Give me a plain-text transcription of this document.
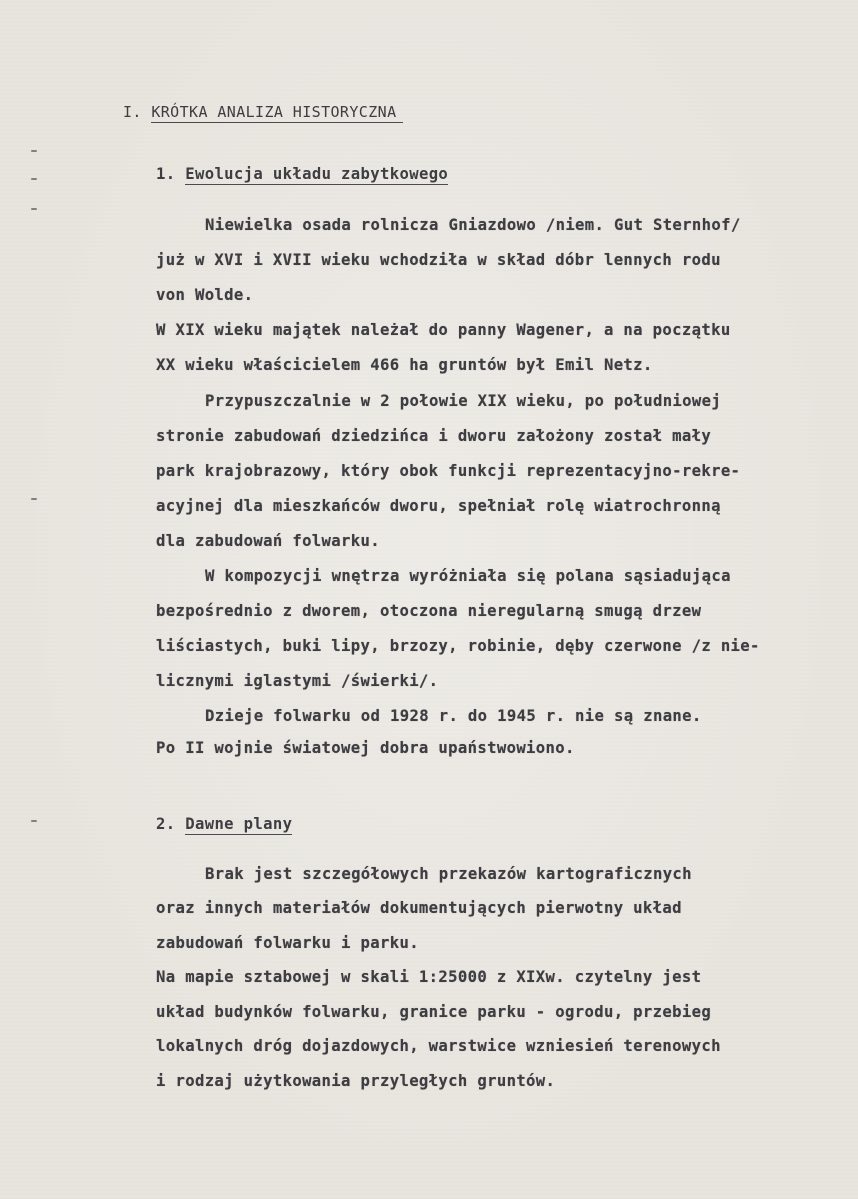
I. KRÓTKA ANALIZA HISTORYCZNA
1. Ewolucja układu zabytkowego
Niewielka osada rolnicza Gniazdowo /niem. Gut Sternhof/
już w XVI i XVII wieku wchodziła w skład dóbr lennych rodu
von Wolde.
W XIX wieku majątek należał do panny Wagener, a na początku
XX wieku właścicielem 466 ha gruntów był Emil Netz.
Przypuszczalnie w 2 połowie XIX wieku, po południowej
stronie zabudowań dziedzińca i dworu założony został mały
park krajobrazowy, który obok funkcji reprezentacyjno-rekre-
acyjnej dla mieszkańców dworu, spełniał rolę wiatrochronną
dla zabudowań folwarku.
W kompozycji wnętrza wyróżniała się polana sąsiadująca
bezpośrednio z dworem, otoczona nieregularną smugą drzew
liściastych, buki lipy, brzozy, robinie, dęby czerwone /z nie-
licznymi iglastymi /świerki/.
Dzieje folwarku od 1928 r. do 1945 r. nie są znane.
Po II wojnie światowej dobra upaństwowiono.
2. Dawne plany
Brak jest szczegółowych przekazów kartograficznych
oraz innych materiałów dokumentujących pierwotny układ
zabudowań folwarku i parku.
Na mapie sztabowej w skali 1:25000 z XIXw. czytelny jest
układ budynków folwarku, granice parku - ogrodu, przebieg
lokalnych dróg dojazdowych, warstwice wzniesień terenowych
i rodzaj użytkowania przyległych gruntów.
